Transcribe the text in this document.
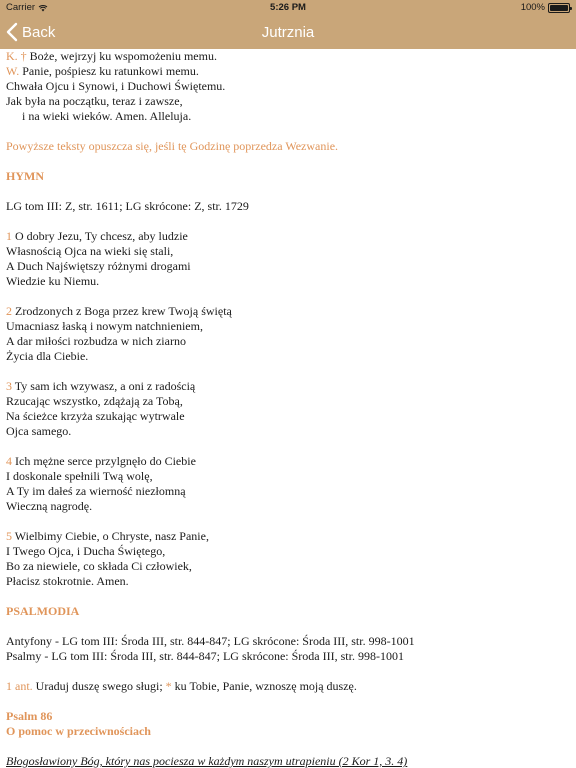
Carrier	5:26 PM	100%
Back	Jutrznia

K. † Boże, wejrzyj ku wspomożeniu memu.
W. Panie, pośpiesz ku ratunkowi memu.
Chwała Ojcu i Synowi, i Duchowi Świętemu.
Jak była na początku, teraz i zawsze,
i na wieki wieków. Amen. Alleluja.

Powyższe teksty opuszcza się, jeśli tę Godzinę poprzedza Wezwanie.

HYMN

LG tom III: Z, str. 1611; LG skrócone: Z, str. 1729

1 O dobry Jezu, Ty chcesz, aby ludzie
Własnością Ojca na wieki się stali,
A Duch Najświętszy różnymi drogami
Wiedzie ku Niemu.

2 Zrodzonych z Boga przez krew Twoją świętą
Umacniasz łaską i nowym natchnieniem,
A dar miłości rozbudza w nich ziarno
Życia dla Ciebie.

3 Ty sam ich wzywasz, a oni z radością
Rzucając wszystko, zdążają za Tobą,
Na ścieżce krzyża szukając wytrwale
Ojca samego.

4 Ich mężne serce przylgnęło do Ciebie
I doskonale spełnili Twą wolę,
A Ty im dałeś za wierność niezłomną
Wieczną nagrodę.

5 Wielbimy Ciebie, o Chryste, nasz Panie,
I Twego Ojca, i Ducha Świętego,
Bo za niewiele, co składa Ci człowiek,
Płacisz stokrotnie. Amen.

PSALMODIA

Antyfony - LG tom III: Środa III, str. 844-847; LG skrócone: Środa III, str. 998-1001
Psalmy - LG tom III: Środa III, str. 844-847; LG skrócone: Środa III, str. 998-1001

1 ant. Uraduj duszę swego sługi; * ku Tobie, Panie, wznoszę moją duszę.

Psalm 86
O pomoc w przeciwnościach

Błogosławiony Bóg, który nas pociesza w każdym naszym utrapieniu (2 Kor 1, 3. 4)
